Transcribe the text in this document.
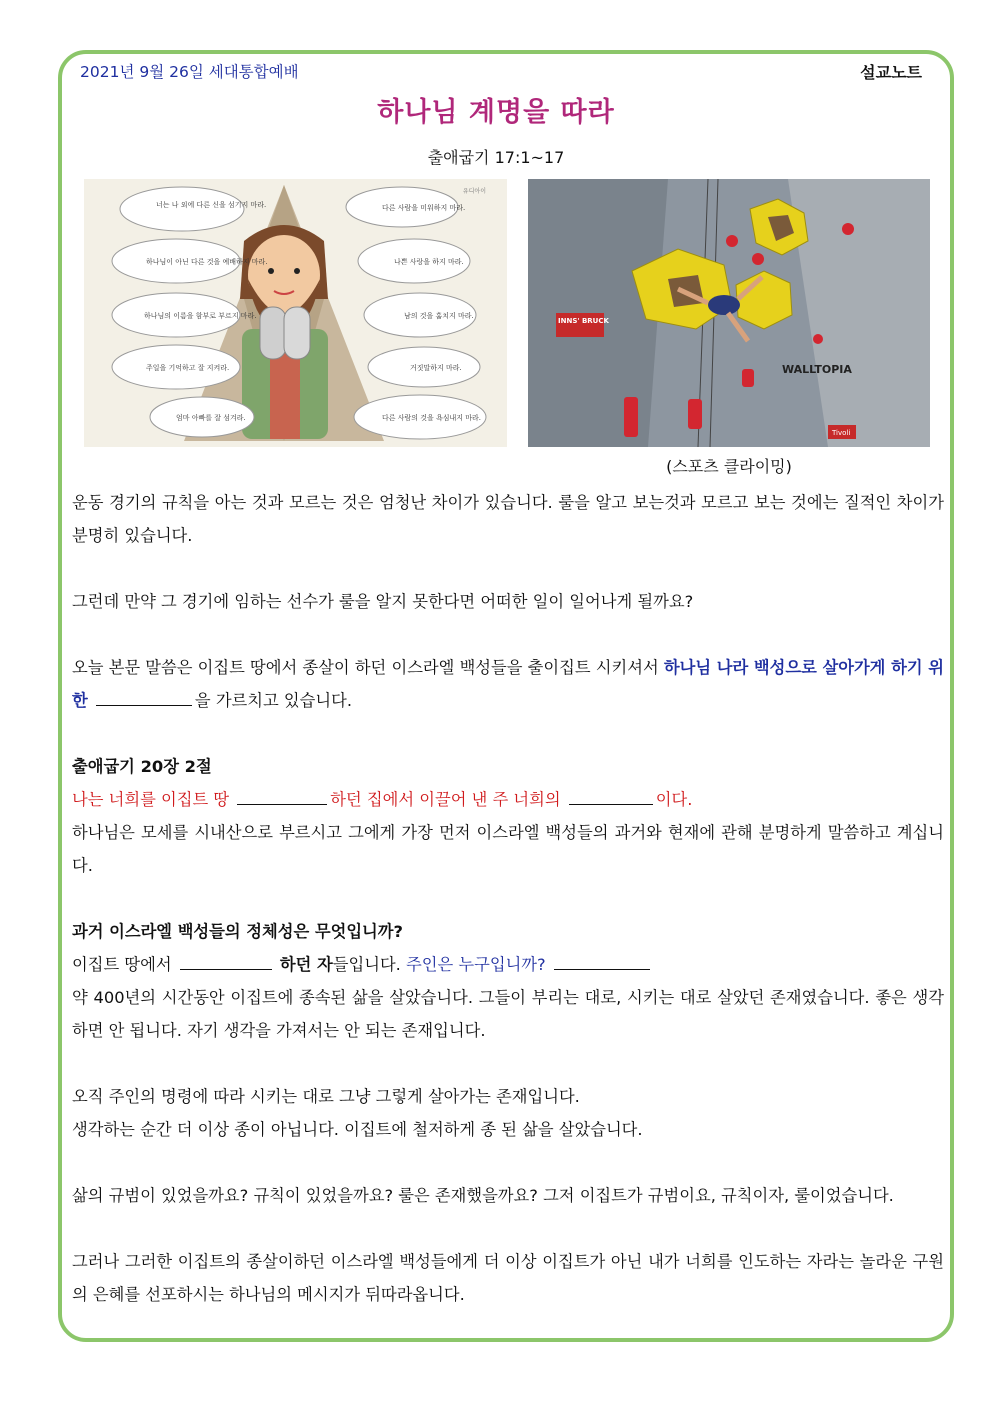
2021년 9월 26일 세대통합예배	설교노트
하나님 계명을 따라
출애굽기 17:1~17
유디아이
너는 나 외에 다른 신을 섬기지 마라.
하나님이 아닌 다른 것을 예배하지 마라.
하나님의 이름을 함부로 부르지 마라.
주일을 기억하고 잘 지켜라.
엄마 아빠를 잘 섬겨라.
다른 사람을 미워하지 마라.
나쁜 사랑을 하지 마라.
남의 것을 훔치지 마라.
거짓말하지 마라.
다른 사람의 것을 욕심내지 마라.
INNS' BRUCK
WALLTOPIA
Tivoli
(스포츠 클라이밍)

운동 경기의 규칙을 아는 것과 모르는 것은 엄청난 차이가 있습니다. 룰을 알고 보는것과 모르고 보는 것에는 질적인 차이가 분명히 있습니다.

그런데 만약 그 경기에 임하는 선수가 룰을 알지 못한다면 어떠한 일이 일어나게 될까요?

오늘 본문 말씀은 이집트 땅에서 종살이 하던 이스라엘 백성들을 출이집트 시키셔서 하나님 나라 백성으로 살아가게 하기 위한	을 가르치고 있습니다.

출애굽기 20장 2절

나는 너희를 이집트 땅	하던 집에서 이끌어 낸 주 너희의	이다.

하나님은 모세를 시내산으로 부르시고 그에게 가장 먼저 이스라엘 백성들의 과거와 현재에 관해 분명하게 말씀하고 계십니다.

과거 이스라엘 백성들의 정체성은 무엇입니까?

이집트 땅에서	하던 자들입니다. 주인은 누구입니까?

약 400년의 시간동안 이집트에 종속된 삶을 살았습니다. 그들이 부리는 대로, 시키는 대로 살았던 존재였습니다. 좋은 생각하면 안 됩니다. 자기 생각을 가져서는 안 되는 존재입니다.

오직 주인의 명령에 따라 시키는 대로 그냥 그렇게 살아가는 존재입니다.

생각하는 순간 더 이상 종이 아닙니다. 이집트에 철저하게 종 된 삶을 살았습니다.

삶의 규범이 있었을까요? 규칙이 있었을까요? 룰은 존재했을까요? 그저 이집트가 규범이요, 규칙이자, 룰이었습니다.

그러나 그러한 이집트의 종살이하던 이스라엘 백성들에게 더 이상 이집트가 아닌 내가 너희를 인도하는 자라는 놀라운 구원의 은혜를 선포하시는 하나님의 메시지가 뒤따라옵니다.
